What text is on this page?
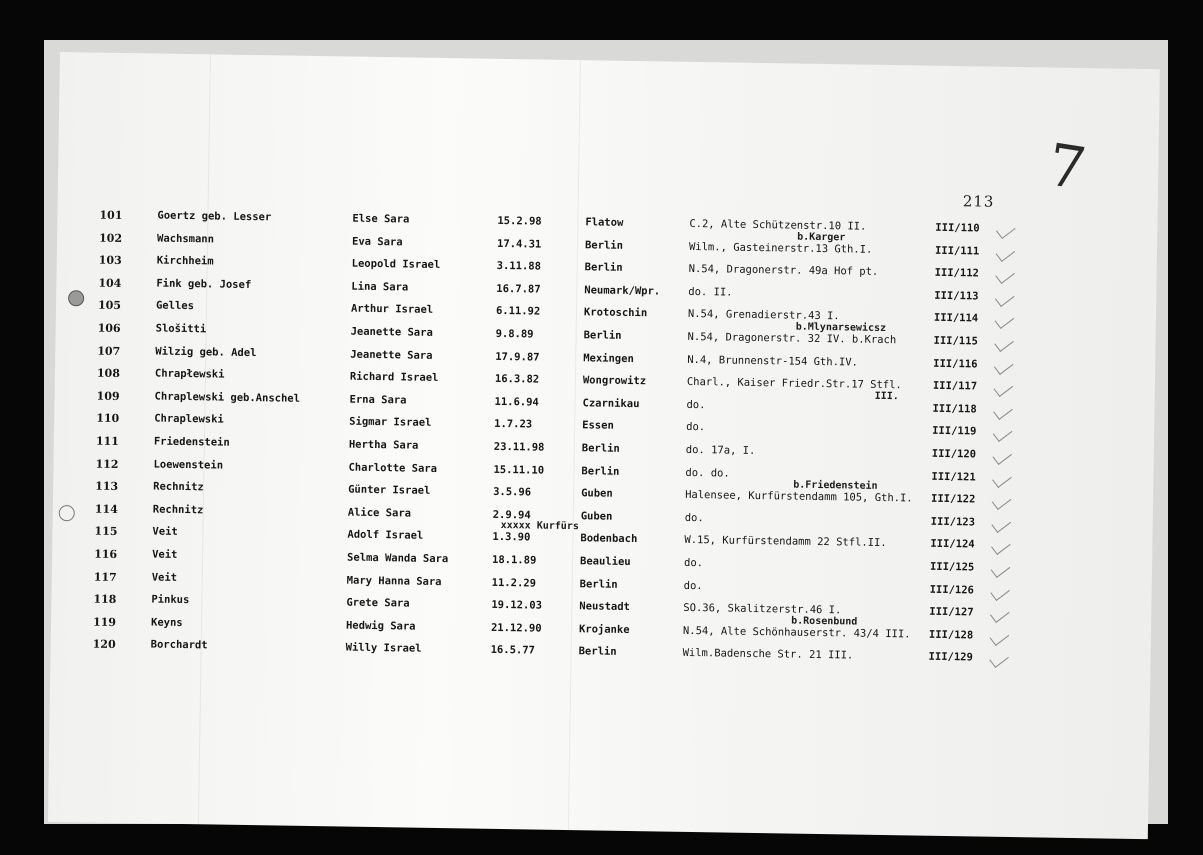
7
213
101	Goertz geb. Lesser	Else Sara	15.2.98	Flatow	C.2, Alte Schützenstr.10 II.	III/110
102	Wachsmann	Eva Sara	17.4.31	Berlin	Wilm., Gasteinerstr.13 Gth.I.	III/111
b.Karger
103	Kirchheim	Leopold Israel	3.11.88	Berlin	N.54, Dragonerstr. 49a Hof pt.	III/112
104	Fink geb. Josef	Lina Sara	16.7.87	Neumark/Wpr.	do. II.	III/113
105	Gelles	Arthur Israel	6.11.92	Krotoschin	N.54, Grenadierstr.43 I.	III/114
106	Slošitti	Jeanette Sara	9.8.89	Berlin	N.54, Dragonerstr. 32 IV. b.Krach	III/115
b.Mlynarsewicsz
107	Wilzig geb. Adel	Jeanette Sara	17.9.87	Mexingen	N.4, Brunnenstr-154 Gth.IV.	III/116
108	Chrapłewski	Richard Israel	16.3.82	Wongrowitz	Charl., Kaiser Friedr.Str.17 Stfl.	III/117
109	Chraplewski geb.Anschel	Erna Sara	11.6.94	Czarnikau	do.	III/118
III.
110	Chraplewski	Sigmar Israel	1.7.23	Essen	do.	III/119
111	Friedenstein	Hertha Sara	23.11.98	Berlin	do. 17a, I.	III/120
112	Loewenstein	Charlotte Sara	15.11.10	Berlin	do. do.	III/121
113	Rechnitz	Günter Israel	3.5.96	Guben	Halensee, Kurfürstendamm 105, Gth.I. III/122
b.Friedenstein
114	Rechnitz	Alice Sara	2.9.94	Guben	do.	III/123
115	Veit	Adolf Israel	1.3.90	Bodenbach	W.15, Kurfürstendamm 22 Stfl.II.	III/124
xxxxx Kurfürs
116	Veit	Selma Wanda Sara	18.1.89	Beaulieu	do.	III/125
117	Veit	Mary Hanna Sara	11.2.29	Berlin	do.	III/126
118	Pinkus	Grete Sara	19.12.03	Neustadt	SO.36, Skalitzerstr.46 I.	III/127
119	Keyns	Hedwig Sara	21.12.90	Krojanke	N.54, Alte Schönhauserstr. 43/4 III. III/128
b.Rosenbund
120	Borchardt	Willy Israel	16.5.77	Berlin	Wilm.Badensche Str. 21 III.	III/129
